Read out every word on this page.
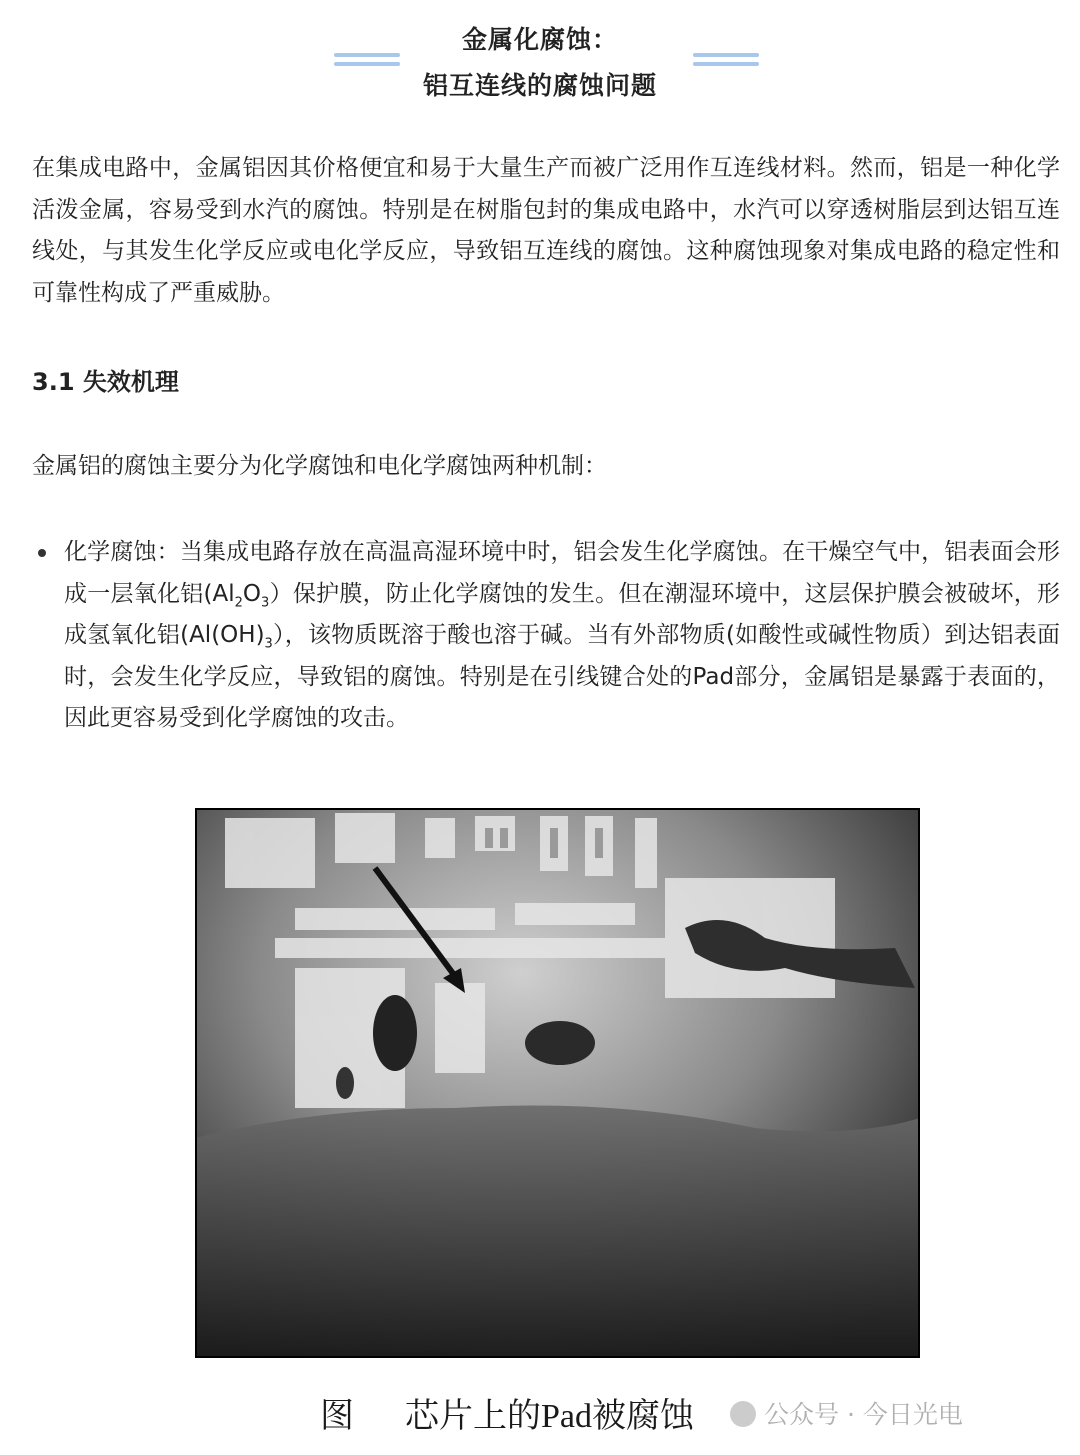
金属化腐蚀：
铝互连线的腐蚀问题
在集成电路中，金属铝因其价格便宜和易于大量生产而被广泛用作互连线材料。然而，铝是一种化学活泼金属，容易受到水汽的腐蚀。特别是在树脂包封的集成电路中，水汽可以穿透树脂层到达铝互连线处，与其发生化学反应或电化学反应，导致铝互连线的腐蚀。这种腐蚀现象对集成电路的稳定性和可靠性构成了严重威胁。
3.1 失效机理
金属铝的腐蚀主要分为化学腐蚀和电化学腐蚀两种机制：
化学腐蚀：当集成电路存放在高温高湿环境中时，铝会发生化学腐蚀。在干燥空气中，铝表面会形成一层氧化铝$(Al_2O_3)$保护膜，防止化学腐蚀的发生。但在潮湿环境中，这层保护膜会被破坏，形成氢氧化铝$(Al(OH)_3)$，该物质既溶于酸也溶于碱。当有外部物质(如酸性或碱性物质）到达铝表面时，会发生化学反应，导致铝的腐蚀。特别是在引线键合处的Pad部分，金属铝是暴露于表面的，因此更容易受到化学腐蚀的攻击。
图      芯片上的Pad被腐蚀	公众号 · 今日光电
